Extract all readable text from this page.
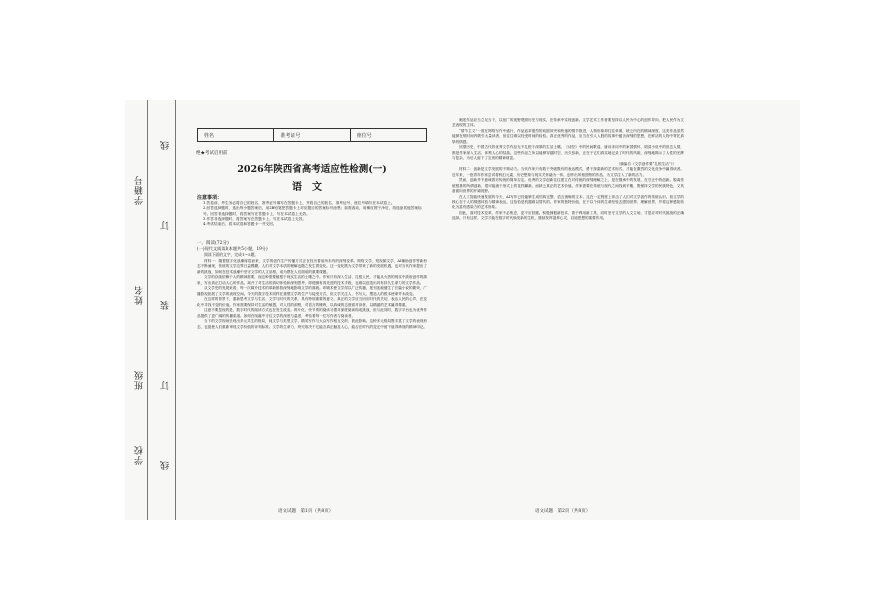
学校
班级
姓名
学籍号
线
订
装
订
线
姓名	准考证号	座位号
绝★考试启用前
2026年陕西省高考适应性检测(一)
语文
注意事项：
1.答卷前，考生务必将自己的姓名、准考证号填写在答题卡上，并将自己的姓名、准考证号、座位号填写在本试卷上。
2.回答选择题时，选出每小题答案后，用2B铅笔把答题卡上对应题目的答案标号涂黑；如需改动，用橡皮擦干净后，再选涂其他答案标号。回答非选择题时，将答案写在答题卡上，写在本试卷上无效。
3.作答非选择题时，将答案写在答题卡上，写在本试卷上无效。
4.考试结束后，将本试卷和答题卡一并交回。
一、阅读(72分)
(一)现代文阅读Ⅰ(本题共5小题，19分)
阅读下面的文字，完成1～5题。

材料一：随着数字化浪潮席卷而来，文学的创作生产传播方式正在经历着前所未有的深刻变革。网络文学、短视频文学、AI辅助创作等新形态不断涌现，传统的文学边界日益模糊，人们对文学本质的理解也随之发生着变化。这一变化既为文学带来了新的发展机遇，也对当代作家提出了新的挑战，如何在技术浪潮中坚守文学的人文品格，成为摆在人们面前的重要课题。

文学的存续依赖于人的精神需要，而这种需要植根于现实生活的土壤之中。作家只有深入生活、扎根人民，才能从火热的现实中汲取创作的源泉，写出真正打动人心的作品。离开了对生活的真切体验和深刻思考，即便拥有再先进的技术手段，也难以创造出具有持久生命力的文学作品。

从文学史的发展来看，每一次媒介技术的革新都曾深刻地影响文学的面貌。印刷术使文学得以广泛传播，报刊连载催生了长篇小说的繁荣，广播影视拓展了文学的表现空间。今天的数字技术同样在重塑文学的生产与接受方式，但文学关注人、书写人、塑造人的根本使命并未改变。

在这样的背景下，重新思考文学与生活、文学与时代的关系，具有特别重要的意义。真正的文学应当回应时代的关切，表达人民的心声，在变化中寻找不变的价值。作家需要保持对生活的敏感，对人性的洞察，对语言的锤炼，以真诚的态度面对读者，以精湛的艺术赢得尊重。

注意不要忽视的是，数字时代的阅读方式也在发生改变。碎片化、快节奏的阅读习惯对深度阅读构成挑战，但与此同时，数字平台也为优秀作品提供了更广阔的传播渠道。如何在喧嚣中守住文学的深度与温度，考验着每一位写作者与阅读者。

当下的文学现场呈现出多元共生的格局，纯文学与类型文学、精英写作与大众写作相互交织、彼此影响。这种多元格局既丰富了文学的表现形态，也促使人们重新审视文学价值的评判标准。文学的生命力，终究取决于它能否真正触及人心，能否在时代的变迁中留下值得珍视的精神印记。

阐述作品应当立足当下，以宽广的视野观照历史与现实，在传承中实现创新。文学艺术工作者要坚持以人民为中心的创作导向，把人民作为文艺表现的主体。

“情节主义”一度在网络写作中盛行，作品追求强烈的戏剧冲突和快速的情节推进，人物形象却往往单薄，缺乏内在的精神深度。这类作品虽然能够在短时间内吸引大量读者，但往往难以经受时间的检验。真正优秀的作品，应当在引人入胜的故事中蕴含深刻的思想，在鲜活的人物中寄托真挚的情感。

回望历史，中国古代的优秀文学作品无不扎根于深厚的生活土壤。《诗经》中的民间歌谣，唐诗宋词中的家国情怀，明清小说中的世态人情，都是作家深入生活、体察人心的结晶。这些作品之所以能够穿越时空、历久弥新，正在于它们真实地记录了时代的风貌，深刻地揭示了人性的光辉与复杂，为后人留下了宝贵的精神财富。

（摘编自《文学创作要“扎根生活”》）

材料二：创新是文学发展的不竭动力。当代作家只有敢于突破既有的表达模式，勇于探索新的艺术形式，才能在激烈的文化竞争中赢得读者。近年来，一批青年作家尝试将科幻元素、历史想象与现实关怀融为一体，创作出风格独特的作品，为文学注入了新的活力。

然而，创新并不意味着对传统的简单否定。优秀的文学创新往往建立在对传统的深刻理解之上，是在继承中的发展，在守正中的创新。脱离传统根基的所谓创新，很可能流于形式上的花样翻新，而缺乏真正的艺术价值。作家需要在传统与现代之间找到平衡，既保持文学的民族特色，又具备面向世界的开阔视野。

在人工智能快速发展的今天，AI写作已经能够生成结构完整、语言流畅的文本，这在一定程度上冲击了人们对文学创作的传统认识。但文学的核心在于人的情感体验与精神表达，这恰恰是机器难以替代的。作家的独特价值，在于以个体的生命经验去感知世界、理解世界，并将这种感知转化为富有感染力的艺术形象。

因此，面对技术变革，作家不必焦虑，更不应回避。积极拥抱新技术、善于利用新工具，同时坚守文学的人文立场，才是应对时代挑战的正确选择。只有这样，文学才能在数字时代焕发新的生机，继续发挥滋养心灵、启迪思想的重要作用。

语文试题　第1页（共8页）	语文试题　第2页（共8页）
